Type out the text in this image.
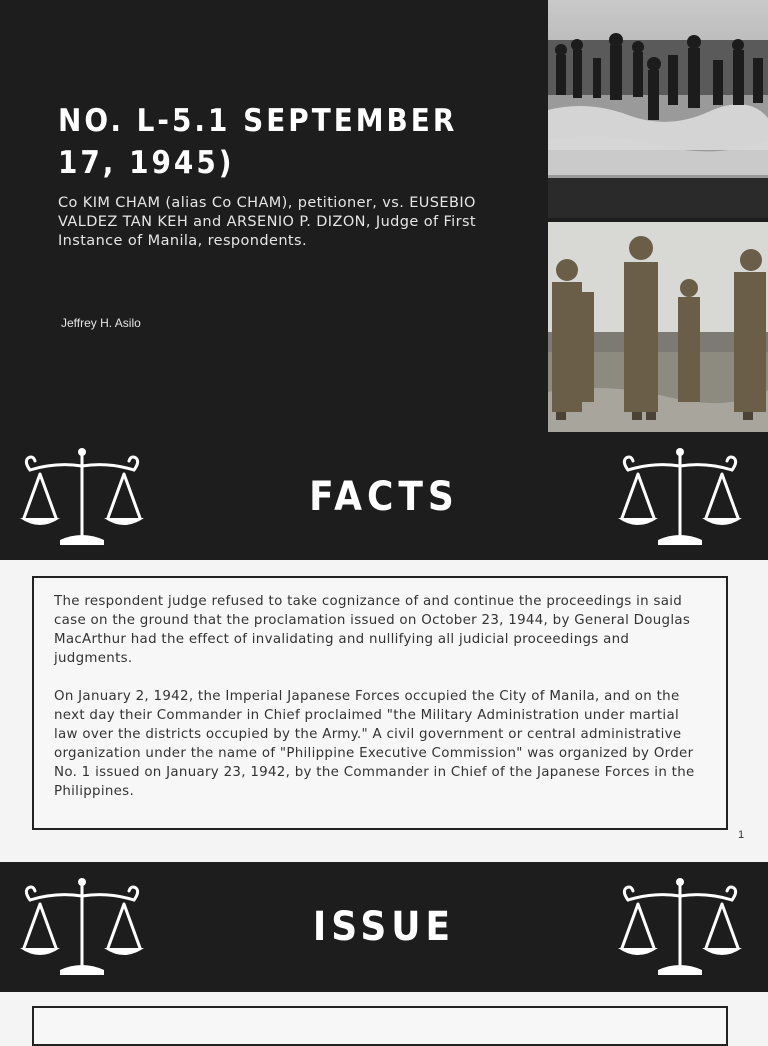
NO. L-5.1 SEPTEMBER 17, 1945)

Co KIM CHAM (alias Co CHAM), petitioner, vs. EUSEBIO VALDEZ TAN KEH and ARSENIO P. DIZON, Judge of First Instance of Manila, respondents.

Jeffrey H. Asilo
FACTS

The respondent judge refused to take cognizance of and continue the proceedings in said case on the ground that the proclamation issued on October 23, 1944, by General Douglas MacArthur had the effect of invalidating and nullifying all judicial proceedings and judgments.

On January 2, 1942, the Imperial Japanese Forces occupied the City of Manila, and on the next day their Commander in Chief proclaimed "the Military Administration under martial law over the districts occupied by the Army." A civil government or central administrative organization under the name of "Philippine Executive Commission" was organized by Order No. 1 issued on January 23, 1942, by the Commander in Chief of the Japanese Forces in the Philippines.

1
ISSUE
